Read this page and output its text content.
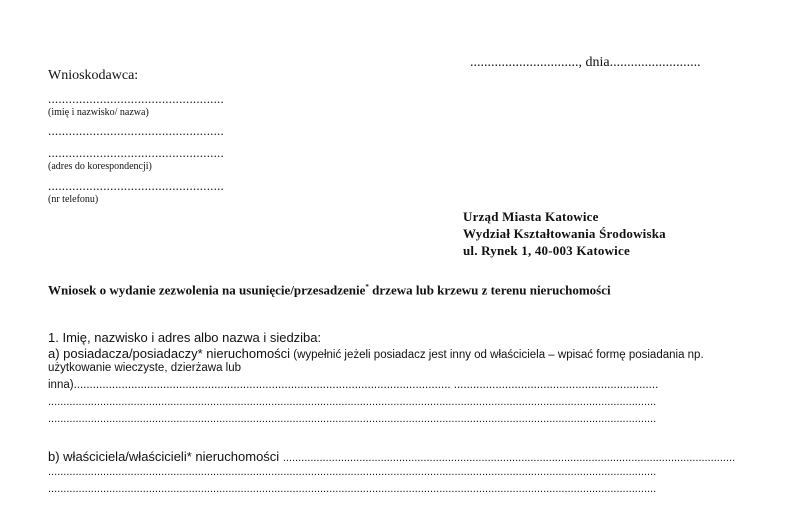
..............................., dnia..........................
Wnioskodawca:
...................................................
(imię i nazwisko/ nazwa)
...................................................
...................................................
(adres do korespondencji)
...................................................
(nr telefonu)
Urząd Miasta Katowice
Wydział Kształtowania Środowiska
ul. Rynek 1, 40-003 Katowice
Wniosek o wydanie zezwolenia na usunięcie/przesadzenie* drzewa lub krzewu z terenu nieruchomości
1. Imię, nazwisko i adres albo nazwa i siedziba:
a) posiadacza/posiadaczy* nieruchomości (wypełnić jeżeli posiadacz jest inny od właściciela – wpisać formę posiadania np.
użytkowanie wieczyste, dzierżawa lub
inna)...................................................................................................................... ................................................................
.......................................................................................................................................................................................................
.......................................................................................................................................................................................................
b) właściciela/właścicieli* nieruchomości ....................................................................................................................................................
.......................................................................................................................................................................................................
.......................................................................................................................................................................................................
